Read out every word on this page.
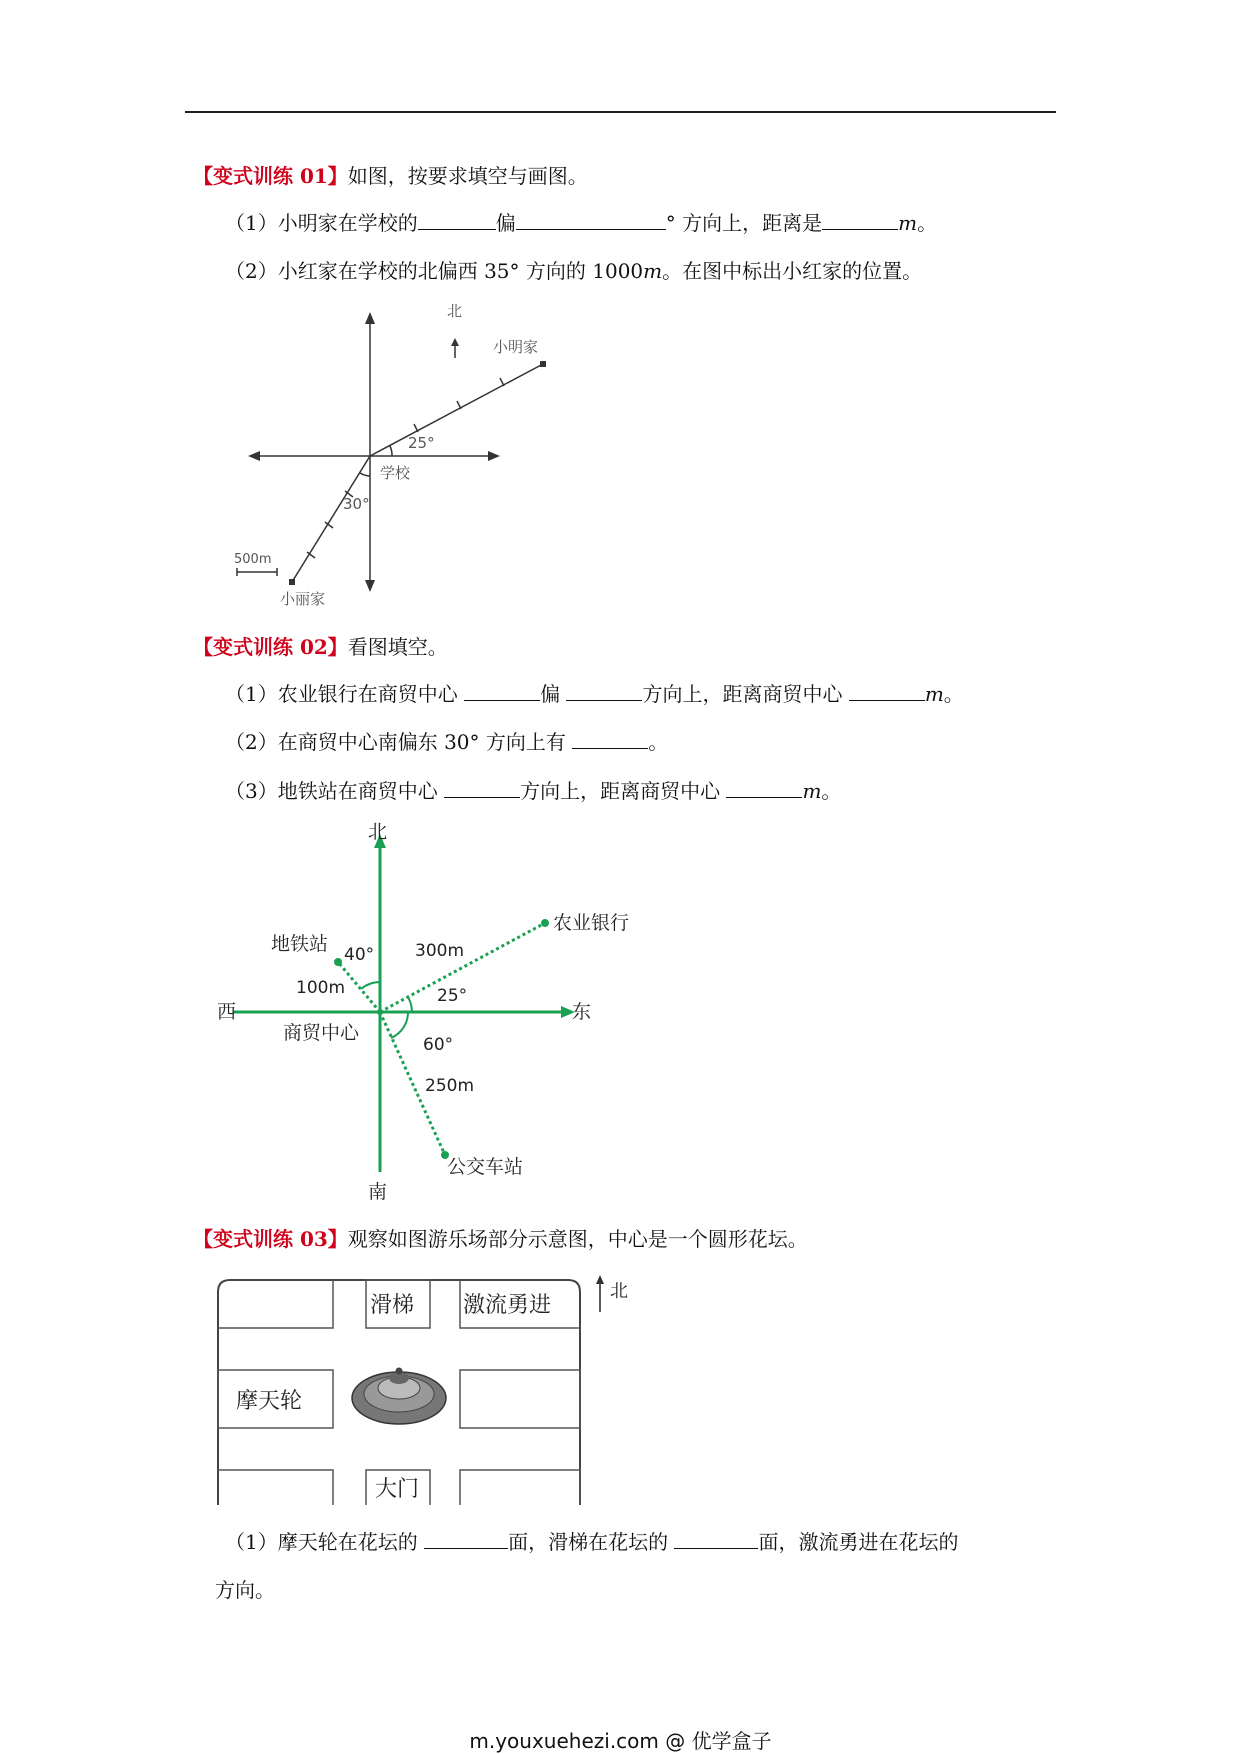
【变式训练 01】如图，按要求填空与画图。
（1）小明家在学校的	偏	° 方向上，距离是	m。
（2）小红家在学校的北偏西 35° 方向的 1000m。在图中标出小红家的位置。
北
小明家
25°
学校
30°
500m
小丽家
【变式训练 02】看图填空。
（1）农业银行在商贸中心	偏	方向上，距离商贸中心	m。
（2）在商贸中心南偏东 30° 方向上有	。
（3）地铁站在商贸中心	方向上，距离商贸中心	m。
北
南
西	东
地铁站
农业银行
公交车站
商贸中心
40°
25°
60°
100m
300m
250m
【变式训练 03】观察如图游乐场部分示意图，中心是一个圆形花坛。
滑梯 激流勇进
摩天轮
大门
北
（1）摩天轮在花坛的	面，滑梯在花坛的	面，激流勇进在花坛的
方向。
m.youxuehezi.com @ 优学盒子
